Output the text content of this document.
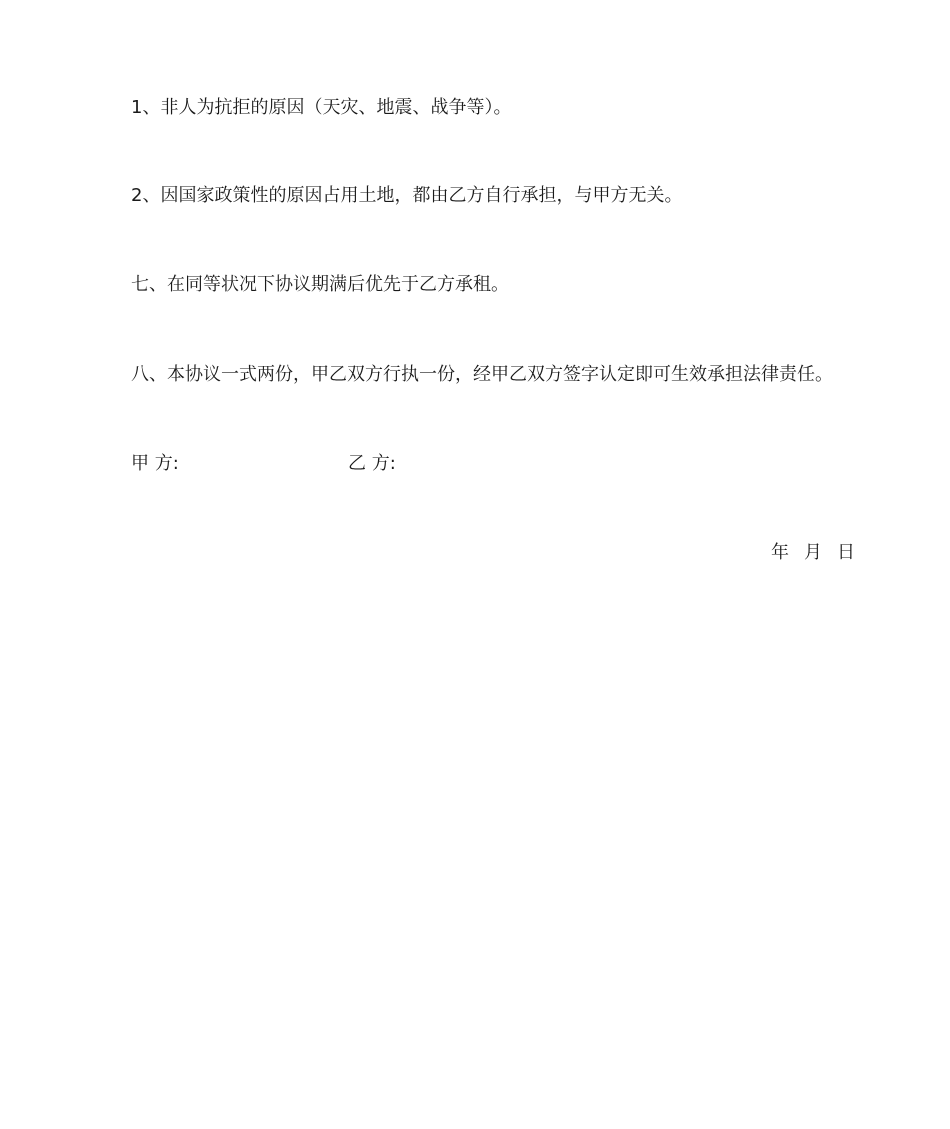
1、非人为抗拒的原因（天灾、地震、战争等）。
2、因国家政策性的原因占用土地，都由乙方自行承担，与甲方无关。
七、在同等状况下协议期满后优先于乙方承租。
八、本协议一式两份，甲乙双方行执一份，经甲乙双方签字认定即可生效承担法律责任。
甲 方:	乙 方:
年 月 日
